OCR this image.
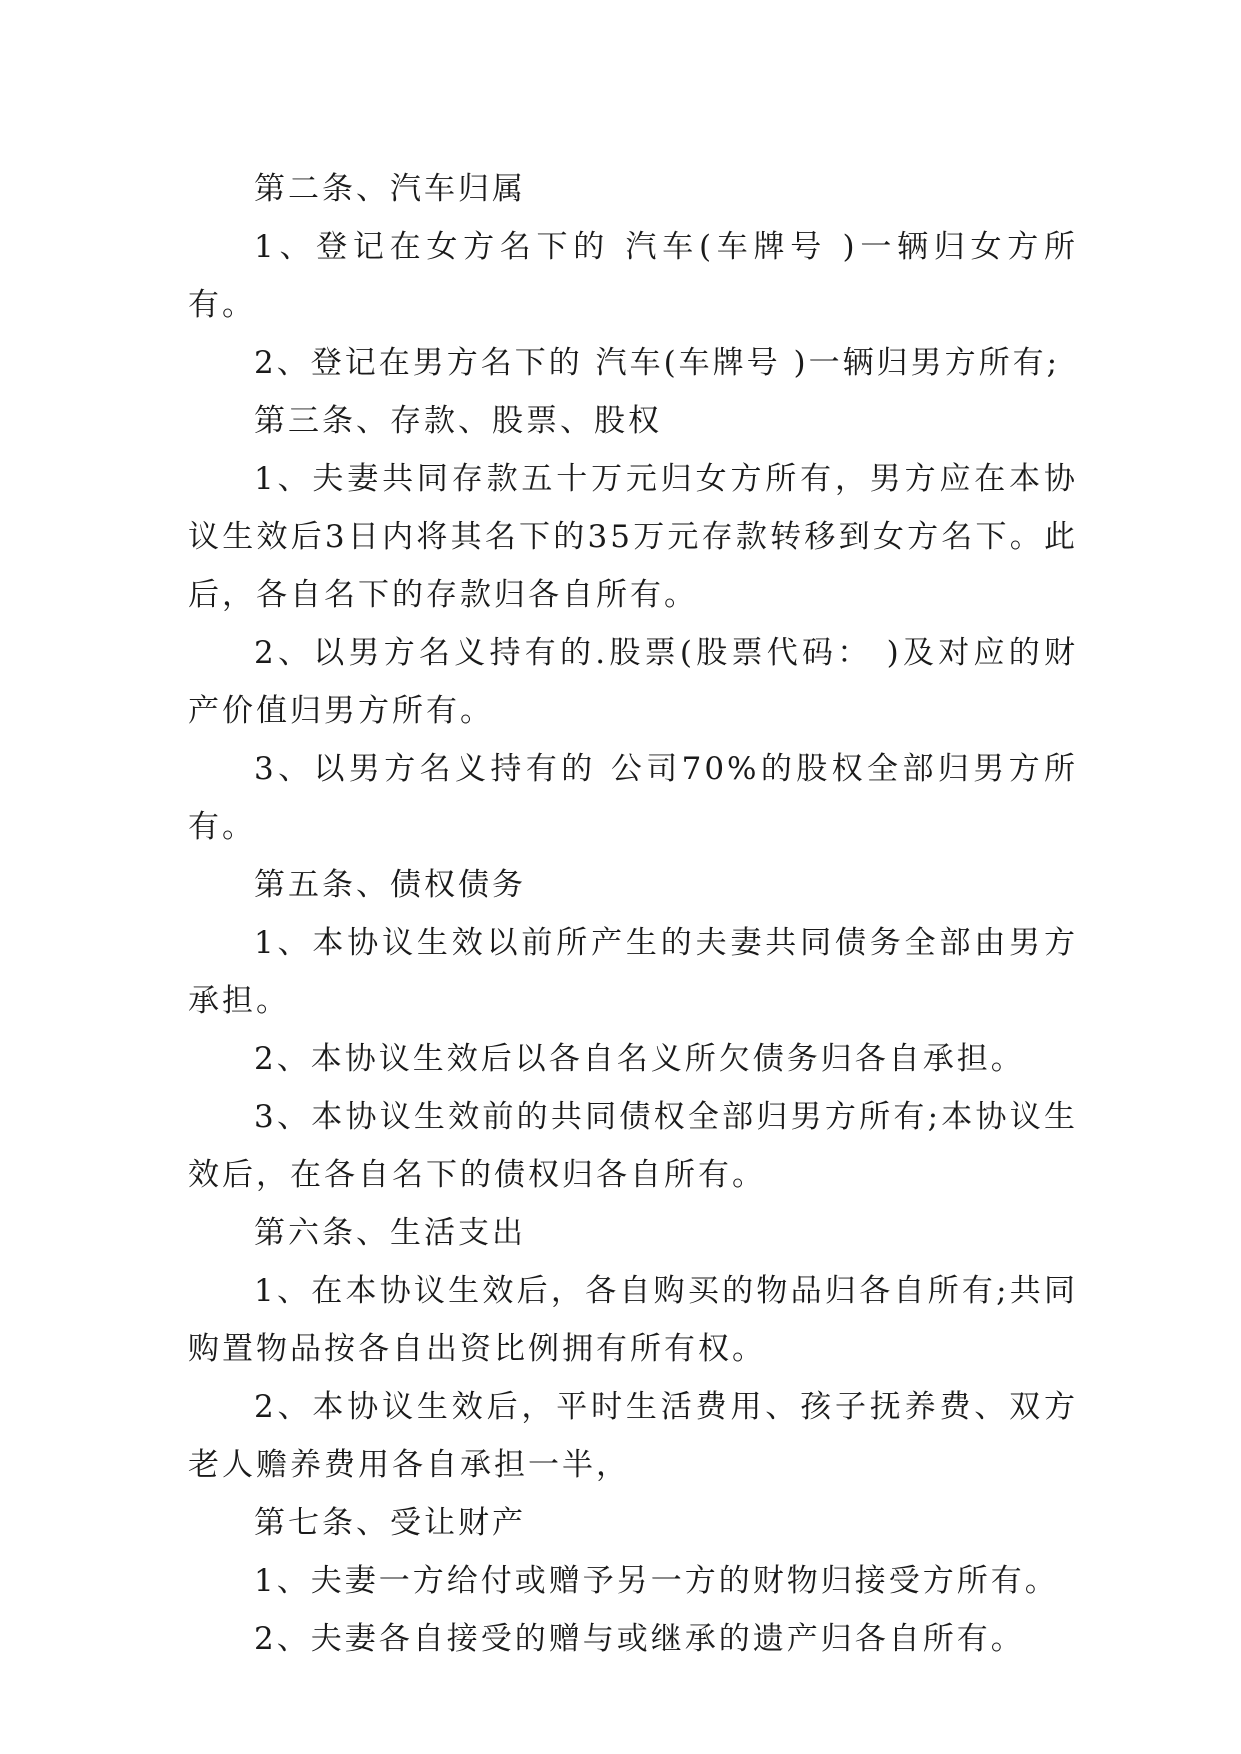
第二条、汽车归属

1、登记在女方名下的 汽车(车牌号 )一辆归女方所有。

2、登记在男方名下的 汽车(车牌号 )一辆归男方所有;

第三条、存款、股票、股权

1、夫妻共同存款五十万元归女方所有，男方应在本协议生效后3日内将其名下的35万元存款转移到女方名下。此后，各自名下的存款归各自所有。

2、以男方名义持有的.股票(股票代码： )及对应的财产价值归男方所有。

3、以男方名义持有的 公司70%的股权全部归男方所有。

第五条、债权债务

1、本协议生效以前所产生的夫妻共同债务全部由男方承担。

2、本协议生效后以各自名义所欠债务归各自承担。

3、本协议生效前的共同债权全部归男方所有;本协议生效后，在各自名下的债权归各自所有。

第六条、生活支出

1、在本协议生效后，各自购买的物品归各自所有;共同购置物品按各自出资比例拥有所有权。

2、本协议生效后，平时生活费用、孩子抚养费、双方老人赡养费用各自承担一半，

第七条、受让财产

1、夫妻一方给付或赠予另一方的财物归接受方所有。

2、夫妻各自接受的赠与或继承的遗产归各自所有。
